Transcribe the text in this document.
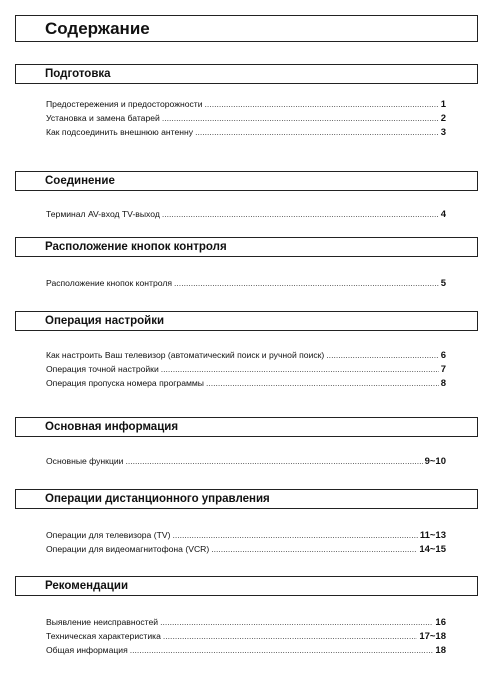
Содержание
Подготовка
Предостережения и предосторожности .....	1
Установка и замена батарей .....	2
Как подсоединить внешнюю антенну .....	3
Соединение
Терминал AV-вход TV-выход .....	4
Расположение кнопок контроля
Расположение кнопок контроля .....	5
Операция настройки
Как настроить Ваш телевизор (автоматический поиск и ручной поиск) .....	6
Операция точной настройки .....	7
Операция пропуска номера программы .....	8
Основная информация
Основные функции .....	9~10
Операции дистанционного управления
Операции для телевизора (TV) .....	11~13
Операции для видеомагнитофона (VCR) .....	14~15
Рекомендации
Выявление неисправностей .....	16
Техническая характеристика .....	17~18
Общая информация .....	18
